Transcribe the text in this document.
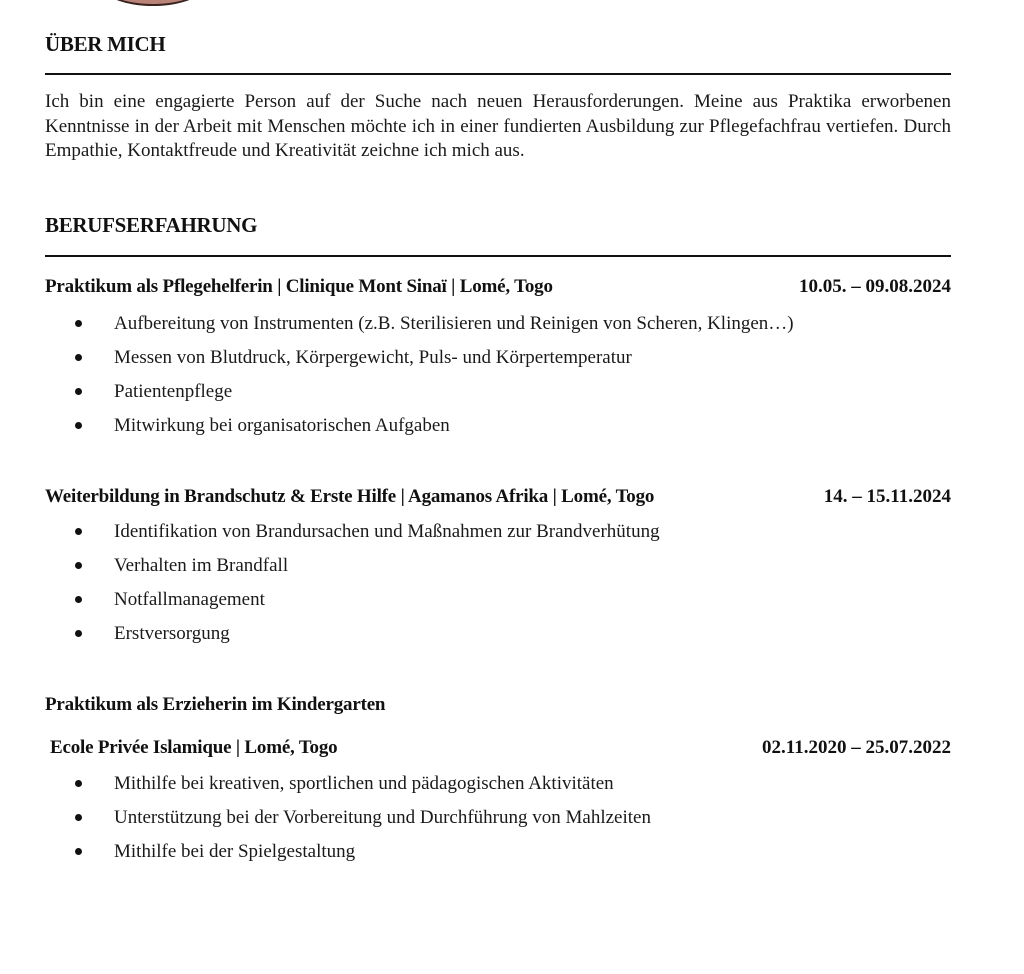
ÜBER MICH
Ich bin eine engagierte Person auf der Suche nach neuen Herausforderungen. Meine aus Praktika erworbenen Kenntnisse in der Arbeit mit Menschen möchte ich in einer fundierten Ausbildung zur Pflegefachfrau vertiefen. Durch Empathie, Kontaktfreude und Kreativität zeichne ich mich aus.
BERUFSERFAHRUNG
Praktikum als Pflegehelferin | Clinique Mont Sinaï | Lomé, Togo	10.05. – 09.08.2024
Aufbereitung von Instrumenten (z.B. Sterilisieren und Reinigen von Scheren, Klingen…)
Messen von Blutdruck, Körpergewicht, Puls- und Körpertemperatur
Patientenpflege
Mitwirkung bei organisatorischen Aufgaben
Weiterbildung in Brandschutz & Erste Hilfe | Agamanos Afrika | Lomé, Togo	14. – 15.11.2024
Identifikation von Brandursachen und Maßnahmen zur Brandverhütung
Verhalten im Brandfall
Notfallmanagement
Erstversorgung
Praktikum als Erzieherin im Kindergarten
Ecole Privée Islamique | Lomé, Togo	02.11.2020 – 25.07.2022
Mithilfe bei kreativen, sportlichen und pädagogischen Aktivitäten
Unterstützung bei der Vorbereitung und Durchführung von Mahlzeiten
Mithilfe bei der Spielgestaltung
